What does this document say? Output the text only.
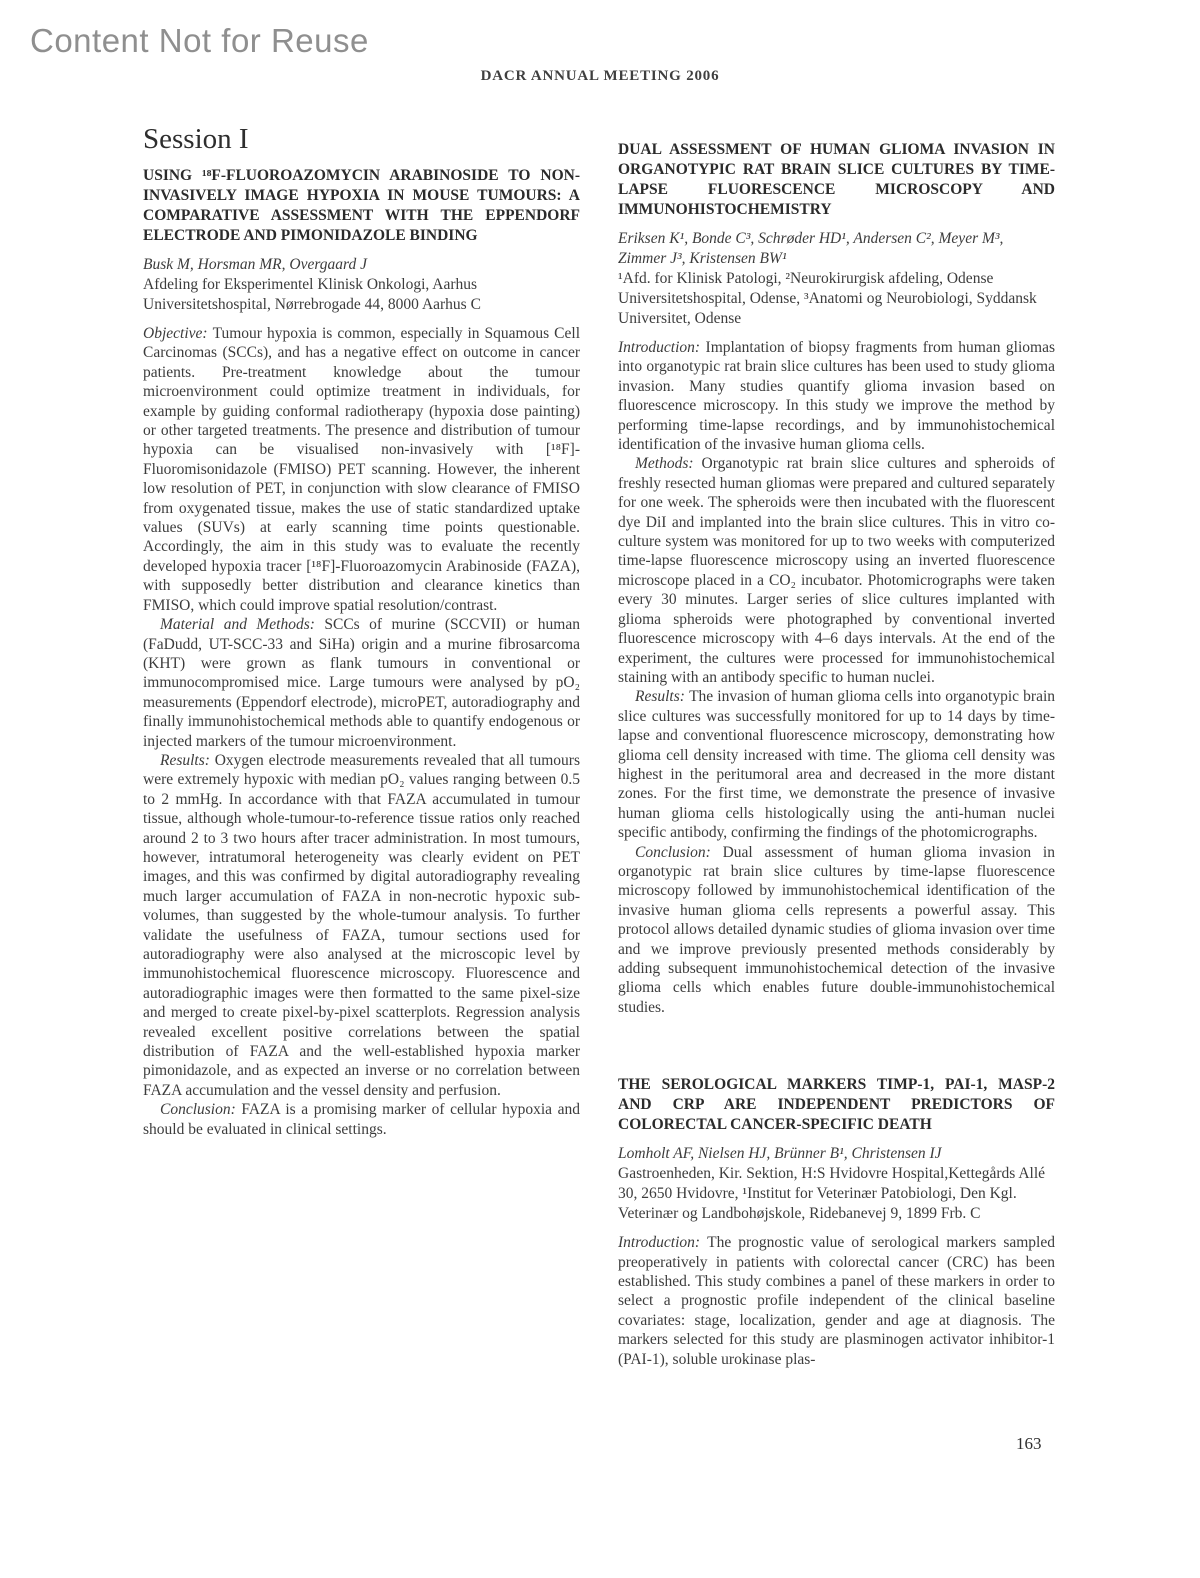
Content Not for Reuse
DACR ANNUAL MEETING 2006
Session I
USING ¹⁸F-FLUOROAZOMYCIN ARABINOSIDE TO NON-INVASIVELY IMAGE HYPOXIA IN MOUSE TUMOURS: A COMPARATIVE ASSESSMENT WITH THE EPPENDORF ELECTRODE AND PIMONIDAZOLE BINDING
Busk M, Horsman MR, Overgaard J
Afdeling for Eksperimentel Klinisk Onkologi, Aarhus Universitetshospital, Nørrebrogade 44, 8000 Aarhus C

Objective: Tumour hypoxia is common, especially in Squamous Cell Carcinomas (SCCs), and has a negative effect on outcome in cancer patients. Pre-treatment knowledge about the tumour microenvironment could optimize treatment in individuals, for example by guiding conformal radiotherapy (hypoxia dose painting) or other targeted treatments. The presence and distribution of tumour hypoxia can be visualised non-invasively with [¹⁸F]-Fluoromisonidazole (FMISO) PET scanning. However, the inherent low resolution of PET, in conjunction with slow clearance of FMISO from oxygenated tissue, makes the use of static standardized uptake values (SUVs) at early scanning time points questionable. Accordingly, the aim in this study was to evaluate the recently developed hypoxia tracer [¹⁸F]-Fluoroazomycin Arabinoside (FAZA), with supposedly better distribution and clearance kinetics than FMISO, which could improve spatial resolution/contrast.

Material and Methods: SCCs of murine (SCCVII) or human (FaDudd, UT-SCC-33 and SiHa) origin and a murine fibrosarcoma (KHT) were grown as flank tumours in conventional or immunocompromised mice. Large tumours were analysed by pO₂ measurements (Eppendorf electrode), microPET, autoradiography and finally immunohistochemical methods able to quantify endogenous or injected markers of the tumour microenvironment.

Results: Oxygen electrode measurements revealed that all tumours were extremely hypoxic with median pO₂ values ranging between 0.5 to 2 mmHg. In accordance with that FAZA accumulated in tumour tissue, although whole-tumour-to-reference tissue ratios only reached around 2 to 3 two hours after tracer administration. In most tumours, however, intratumoral heterogeneity was clearly evident on PET images, and this was confirmed by digital autoradiography revealing much larger accumulation of FAZA in non-necrotic hypoxic sub-volumes, than suggested by the whole-tumour analysis. To further validate the usefulness of FAZA, tumour sections used for autoradiography were also analysed at the microscopic level by immunohistochemical fluorescence microscopy. Fluorescence and autoradiographic images were then formatted to the same pixel-size and merged to create pixel-by-pixel scatterplots. Regression analysis revealed excellent positive correlations between the spatial distribution of FAZA and the well-established hypoxia marker pimonidazole, and as expected an inverse or no correlation between FAZA accumulation and the vessel density and perfusion.

Conclusion: FAZA is a promising marker of cellular hypoxia and should be evaluated in clinical settings.

DUAL ASSESSMENT OF HUMAN GLIOMA INVASION IN ORGANOTYPIC RAT BRAIN SLICE CULTURES BY TIME-LAPSE FLUORESCENCE MICROSCOPY AND IMMUNOHISTOCHEMISTRY
Eriksen K¹, Bonde C³, Schrøder HD¹, Andersen C², Meyer M³, Zimmer J³, Kristensen BW¹
¹Afd. for Klinisk Patologi, ²Neurokirurgisk afdeling, Odense Universitetshospital, Odense, ³Anatomi og Neurobiologi, Syddansk Universitet, Odense

Introduction: Implantation of biopsy fragments from human gliomas into organotypic rat brain slice cultures has been used to study glioma invasion. Many studies quantify glioma invasion based on fluorescence microscopy. In this study we improve the method by performing time-lapse recordings, and by immunohistochemical identification of the invasive human glioma cells.

Methods: Organotypic rat brain slice cultures and spheroids of freshly resected human gliomas were prepared and cultured separately for one week. The spheroids were then incubated with the fluorescent dye DiI and implanted into the brain slice cultures. This in vitro co-culture system was monitored for up to two weeks with computerized time-lapse fluorescence microscopy using an inverted fluorescence microscope placed in a CO₂ incubator. Photomicrographs were taken every 30 minutes. Larger series of slice cultures implanted with glioma spheroids were photographed by conventional inverted fluorescence microscopy with 4–6 days intervals. At the end of the experiment, the cultures were processed for immunohistochemical staining with an antibody specific to human nuclei.

Results: The invasion of human glioma cells into organotypic brain slice cultures was successfully monitored for up to 14 days by time-lapse and conventional fluorescence microscopy, demonstrating how glioma cell density increased with time. The glioma cell density was highest in the peritumoral area and decreased in the more distant zones. For the first time, we demonstrate the presence of invasive human glioma cells histologically using the anti-human nuclei specific antibody, confirming the findings of the photomicrographs.

Conclusion: Dual assessment of human glioma invasion in organotypic rat brain slice cultures by time-lapse fluorescence microscopy followed by immunohistochemical identification of the invasive human glioma cells represents a powerful assay. This protocol allows detailed dynamic studies of glioma invasion over time and we improve previously presented methods considerably by adding subsequent immunohistochemical detection of the invasive glioma cells which enables future double-immunohistochemical studies.

THE SEROLOGICAL MARKERS TIMP-1, PAI-1, MASP-2 AND CRP ARE INDEPENDENT PREDICTORS OF COLORECTAL CANCER-SPECIFIC DEATH
Lomholt AF, Nielsen HJ, Brünner B¹, Christensen IJ
Gastroenheden, Kir. Sektion, H:S Hvidovre Hospital,Kettegårds Allé 30, 2650 Hvidovre, ¹Institut for Veterinær Patobiologi, Den Kgl. Veterinær og Landbohøjskole, Ridebanevej 9, 1899 Frb. C

Introduction: The prognostic value of serological markers sampled preoperatively in patients with colorectal cancer (CRC) has been established. This study combines a panel of these markers in order to select a prognostic profile independent of the clinical baseline covariates: stage, localization, gender and age at diagnosis. The markers selected for this study are plasminogen activator inhibitor-1 (PAI-1), soluble urokinase plas-

163
